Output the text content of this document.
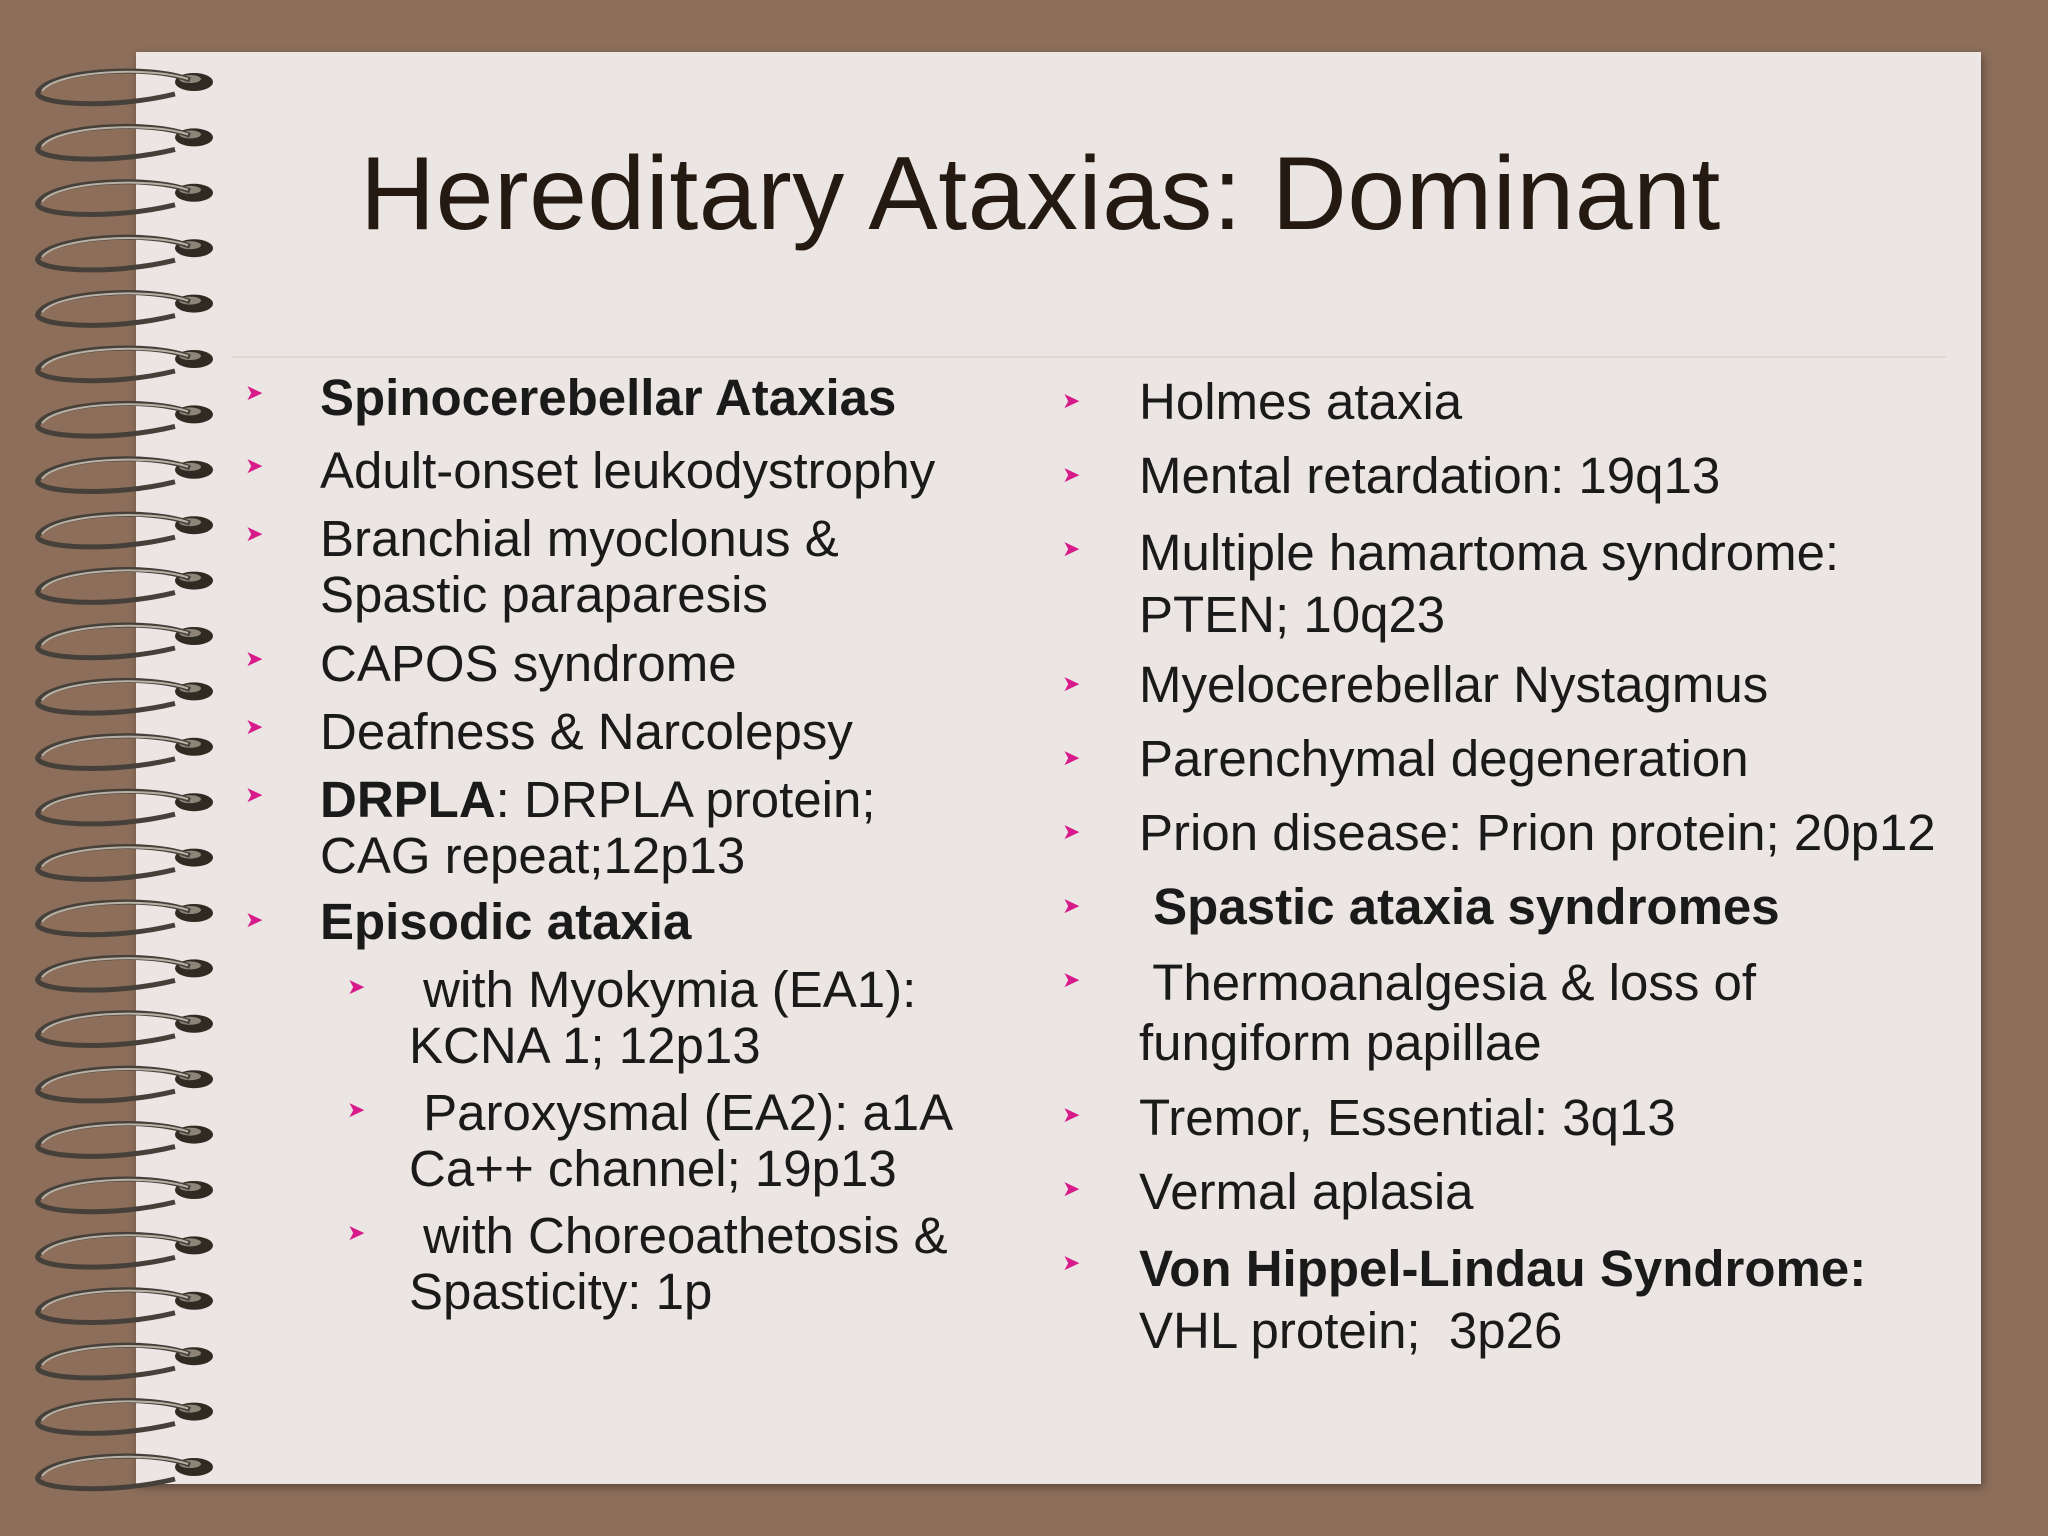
Hereditary Ataxias: Dominant
➤ Spinocerebellar Ataxias
➤ Adult-onset leukodystrophy
➤ Branchial myoclonus &
Spastic paraparesis
➤ CAPOS syndrome
➤ Deafness & Narcolepsy
➤ DRPLA: DRPLA protein;
CAG repeat;12p13
➤ Episodic ataxia
➤ with Myokymia (EA1):
KCNA 1; 12p13
➤ Paroxysmal (EA2): a1A
Ca++ channel; 19p13
➤ with Choreoathetosis &
Spasticity: 1p
➤ Holmes ataxia
➤ Mental retardation: 19q13
➤ Multiple hamartoma syndrome:
PTEN; 10q23
➤ Myelocerebellar Nystagmus
➤ Parenchymal degeneration
➤ Prion disease: Prion protein; 20p12
➤ Spastic ataxia syndromes
➤ Thermoanalgesia & loss of
fungiform papillae
➤ Tremor, Essential: 3q13
➤ Vermal aplasia
➤ Von Hippel-Lindau Syndrome:
VHL protein;  3p26
